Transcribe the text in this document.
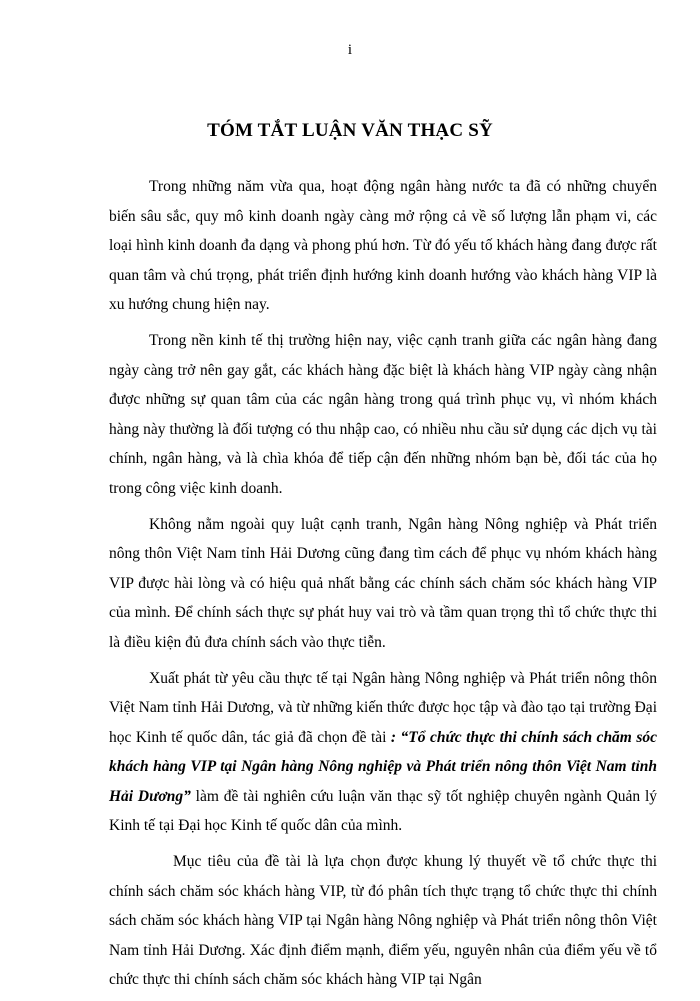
i
TÓM TẮT LUẬN VĂN THẠC SỸ

Trong những năm vừa qua, hoạt động ngân hàng nước ta đã có những chuyển biến sâu sắc, quy mô kinh doanh ngày càng mở rộng cả về số lượng lẫn phạm vi, các loại hình kinh doanh đa dạng và phong phú hơn. Từ đó yếu tố khách hàng đang được rất quan tâm và chú trọng, phát triển định hướng kinh doanh hướng vào khách hàng VIP là xu hướng chung hiện nay.

Trong nền kinh tế thị trường hiện nay, việc cạnh tranh giữa các ngân hàng đang ngày càng trở nên gay gắt, các khách hàng đặc biệt là khách hàng VIP ngày càng nhận được những sự quan tâm của các ngân hàng trong quá trình phục vụ, vì nhóm khách hàng này thường là đối tượng có thu nhập cao, có nhiều nhu cầu sử dụng các dịch vụ tài chính, ngân hàng, và là chìa khóa để tiếp cận đến những nhóm bạn bè, đối tác của họ trong công việc kinh doanh.

Không nằm ngoài quy luật cạnh tranh, Ngân hàng Nông nghiệp và Phát triển nông thôn Việt Nam tỉnh Hải Dương cũng đang tìm cách để phục vụ nhóm khách hàng VIP được hài lòng và có hiệu quả nhất bằng các chính sách chăm sóc khách hàng VIP của mình. Để chính sách thực sự phát huy vai trò và tầm quan trọng thì tổ chức thực thi là điều kiện đủ đưa chính sách vào thực tiễn.

Xuất phát từ yêu cầu thực tế tại Ngân hàng Nông nghiệp và Phát triển nông thôn Việt Nam tỉnh Hải Dương, và từ những kiến thức được học tập và đào tạo tại trường Đại học Kinh tế quốc dân, tác giả đã chọn đề tài : “Tổ chức thực thi chính sách chăm sóc khách hàng VIP tại Ngân hàng Nông nghiệp và Phát triển nông thôn Việt Nam tỉnh Hải Dương” làm đề tài nghiên cứu luận văn thạc sỹ tốt nghiệp chuyên ngành Quản lý Kinh tế tại Đại học Kinh tế quốc dân của mình.

Mục tiêu của đề tài là lựa chọn được khung lý thuyết về tổ chức thực thi chính sách chăm sóc khách hàng VIP, từ đó phân tích thực trạng tổ chức thực thi chính sách chăm sóc khách hàng VIP tại Ngân hàng Nông nghiệp và Phát triển nông thôn Việt Nam tỉnh Hải Dương. Xác định điểm mạnh, điểm yếu, nguyên nhân của điểm yếu về tổ chức thực thi chính sách chăm sóc khách hàng VIP tại Ngân
